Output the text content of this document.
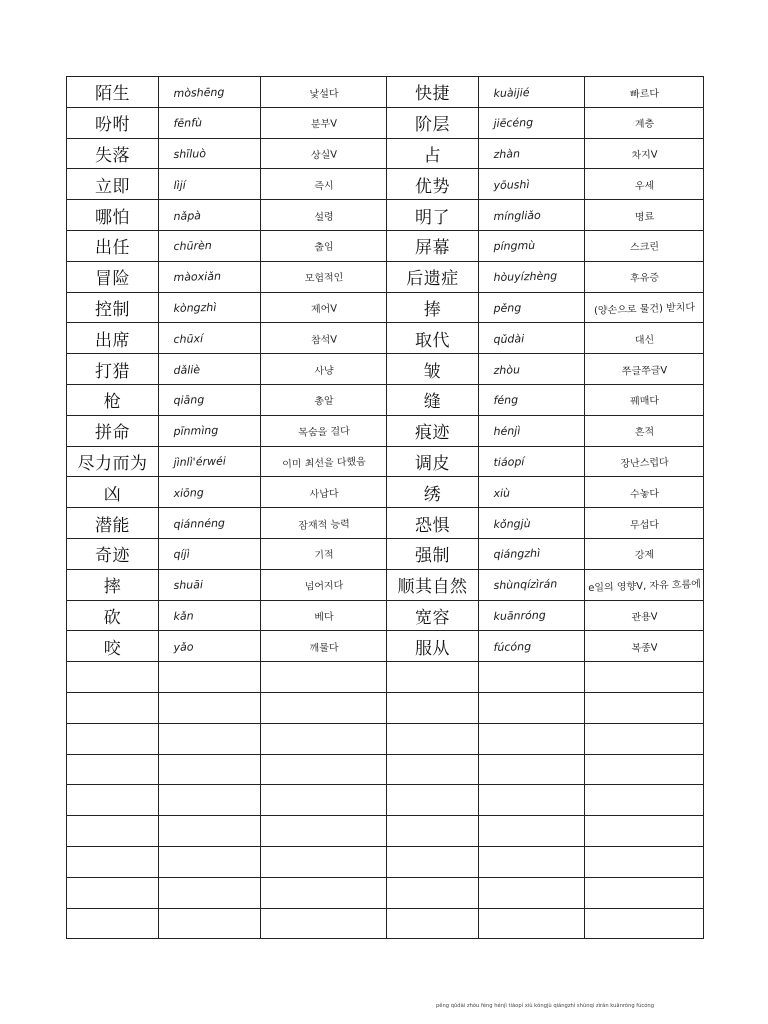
陌生	mòshēng	낯설다	快捷	kuàijié	빠르다
吩咐	fēnfù	분부V	阶层	jiēcéng	계층
失落	shīluò	상실V	占	zhàn	차지V
立即	lìjí	즉시	优势	yōushì	우세
哪怕	nǎpà	설령	明了	míngliǎo	명료
出任	chūrèn	출임	屏幕	píngmù	스크린
冒险	màoxiǎn	모험적인	后遗症	hòuyízhèng	후유증
控制	kòngzhì	제어V	捧	pěng	(양손으로 물건) 받치다
出席	chūxí	참석V	取代	qǔdài	대신
打猎	dǎliè	사냥	皱	zhòu	쭈글쭈글V
枪	qiāng	총알	缝	féng	꿰매다
拼命	pīnmìng	목숨을 걸다	痕迹	hénjì	흔적
尽力而为	jìnlì'érwéi	이미 최선을 다했음	调皮	tiáopí	장난스럽다
凶	xiōng	사납다	绣	xiù	수놓다
潜能	qiánnéng	잠재적 능력	恐惧	kǒngjù	무섭다
奇迹	qíjì	기적	强制	qiángzhì	강제
摔	shuāi	넘어지다	顺其自然	shùnqízìrán	e일의 영향V, 자유 흐름에
砍	kǎn	베다	宽容	kuānróng	관용V
咬	yǎo	깨물다	服从	fúcóng	복종V

pěng qǔdài zhòu féng hénjì tiáopí xiù kǒngjù qiángzhì shùnqí zìrán kuānróng fúcóng
